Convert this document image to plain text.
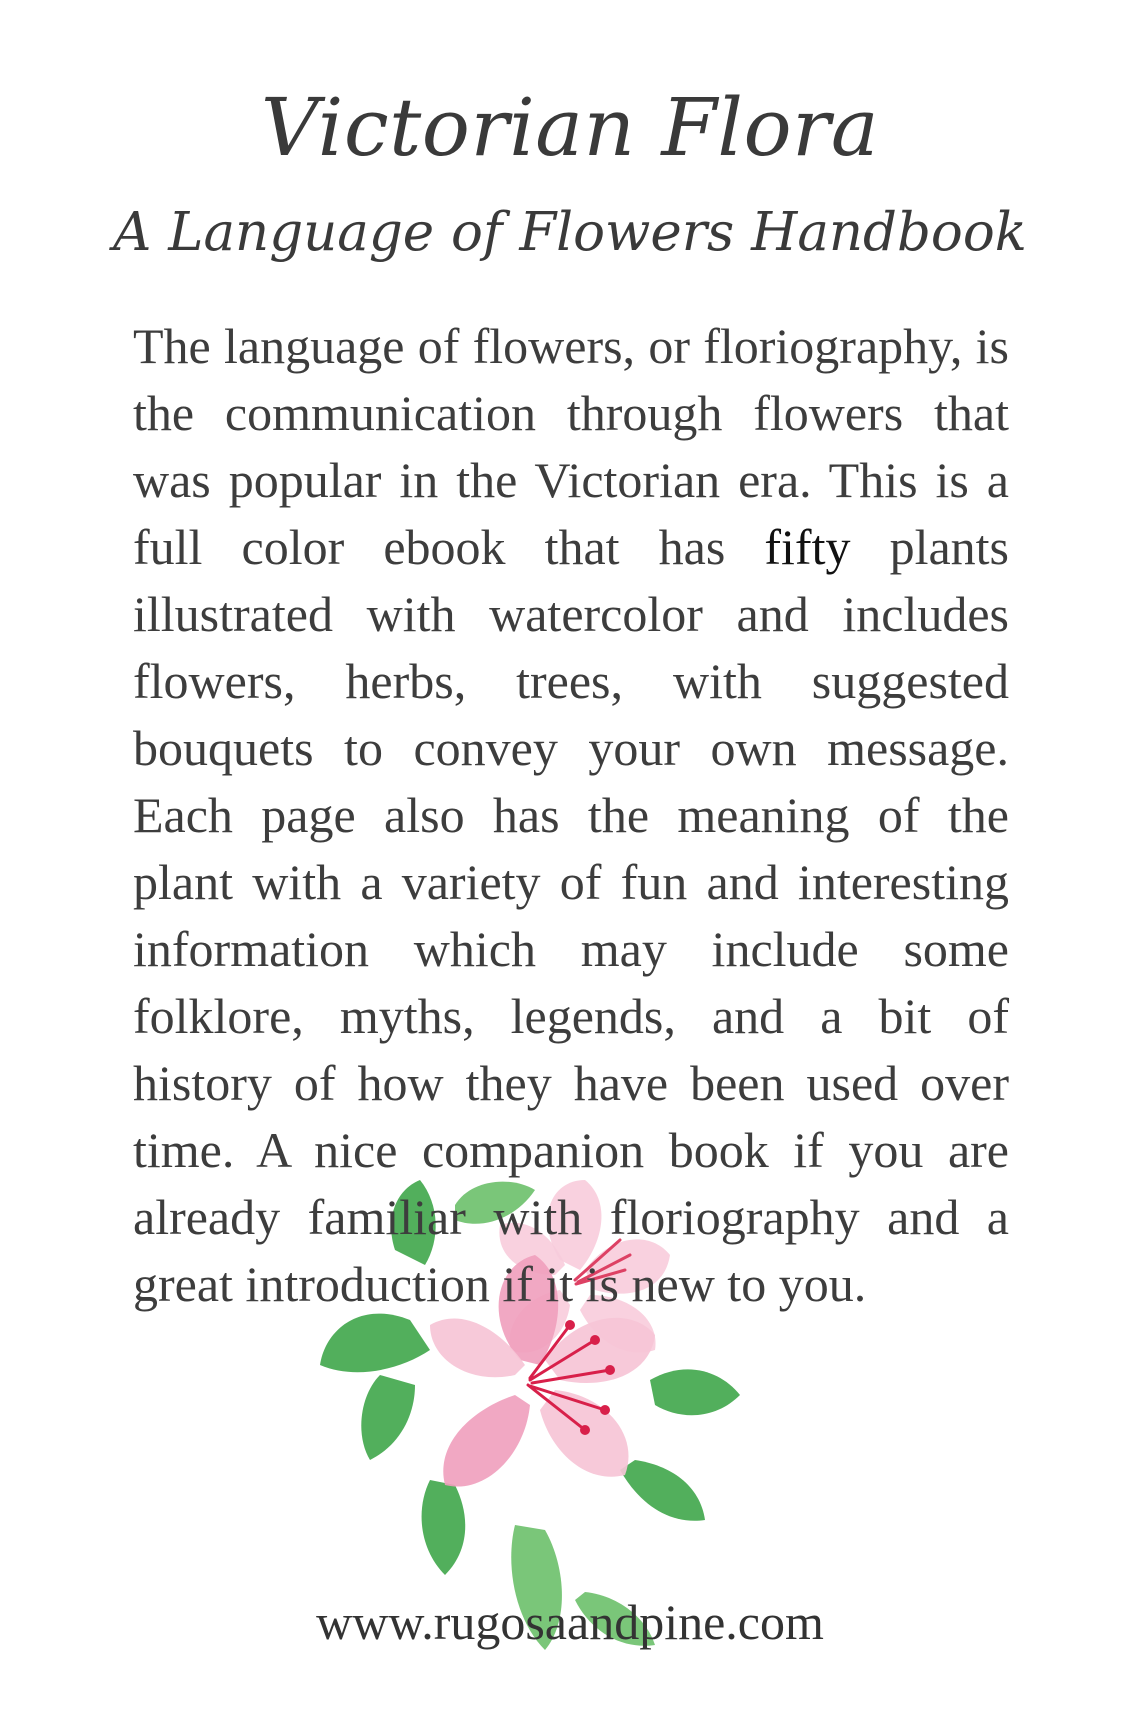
Victorian Flora
A Language of Flowers Handbook

The language of flowers, or floriography, is the communication through flowers that was popular in the Victorian era. This is a full color ebook that has fifty plants illustrated with watercolor and includes flowers, herbs, trees, with suggested bouquets to convey your own message. Each page also has the meaning of the plant with a variety of fun and interesting information which may include some folklore, myths, legends, and a bit of history of how they have been used over time. A nice companion book if you are already familiar with floriography and a great introduction if it is new to you.

www.rugosaandpine.com
